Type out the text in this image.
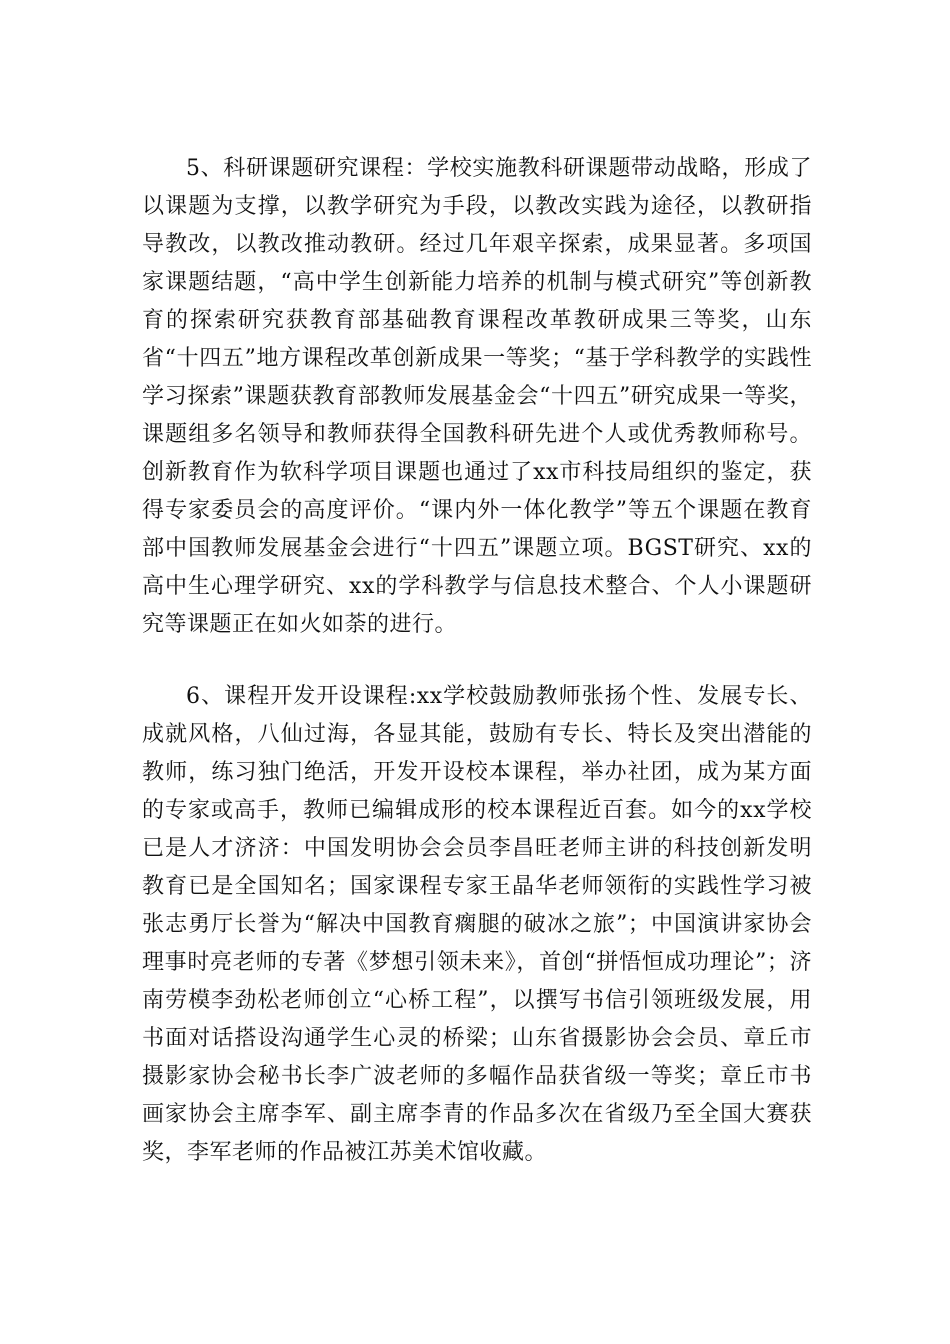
5、科研课题研究课程：学校实施教科研课题带动战略，形成了以课题为支撑，以教学研究为手段，以教改实践为途径，以教研指导教改，以教改推动教研。经过几年艰辛探索，成果显著。多项国家课题结题，“高中学生创新能力培养的机制与模式研究”等创新教育的探索研究获教育部基础教育课程改革教研成果三等奖，山东省“十四五”地方课程改革创新成果一等奖；“基于学科教学的实践性学习探索”课题获教育部教师发展基金会“十四五”研究成果一等奖，课题组多名领导和教师获得全国教科研先进个人或优秀教师称号。创新教育作为软科学项目课题也通过了xx市科技局组织的鉴定，获得专家委员会的高度评价。“课内外一体化教学”等五个课题在教育部中国教师发展基金会进行“十四五”课题立项。BGST研究、xx的高中生心理学研究、xx的学科教学与信息技术整合、个人小课题研究等课题正在如火如荼的进行。

6、课程开发开设课程:xx学校鼓励教师张扬个性、发展专长、成就风格，八仙过海，各显其能，鼓励有专长、特长及突出潜能的教师，练习独门绝活，开发开设校本课程，举办社团，成为某方面的专家或高手，教师已编辑成形的校本课程近百套。如今的xx学校已是人才济济：中国发明协会会员李昌旺老师主讲的科技创新发明教育已是全国知名；国家课程专家王晶华老师领衔的实践性学习被张志勇厅长誉为“解决中国教育瘸腿的破冰之旅”；中国演讲家协会理事时亮老师的专著《梦想引领未来》，首创“拼悟恒成功理论”；济南劳模李劲松老师创立“心桥工程”，以撰写书信引领班级发展，用书面对话搭设沟通学生心灵的桥梁；山东省摄影协会会员、章丘市摄影家协会秘书长李广波老师的多幅作品获省级一等奖；章丘市书画家协会主席李军、副主席李青的作品多次在省级乃至全国大赛获奖，李军老师的作品被江苏美术馆收藏。
